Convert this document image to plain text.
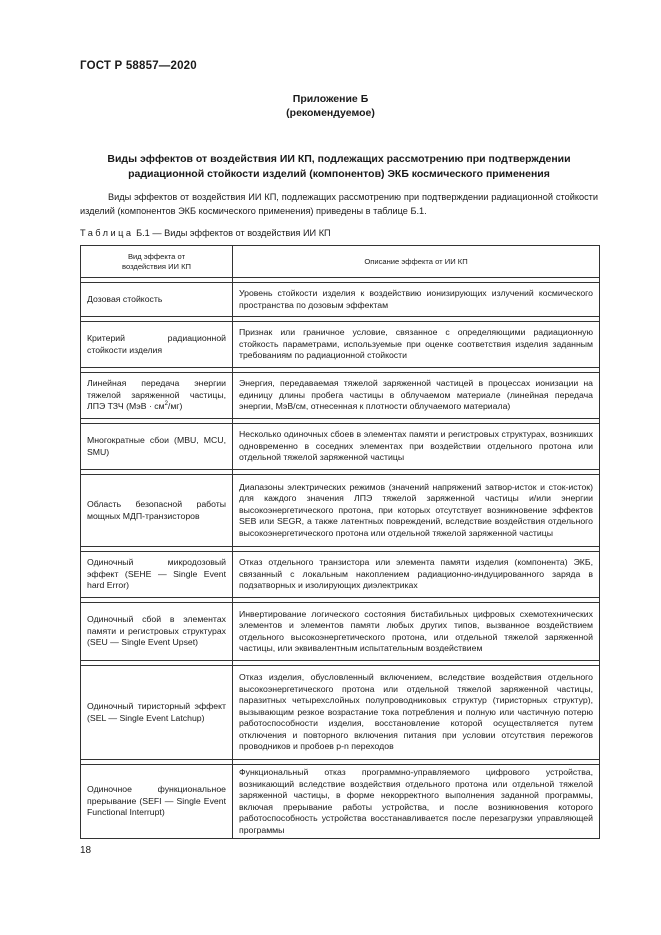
ГОСТ Р 58857—2020
Приложение Б
(рекомендуемое)
Виды эффектов от воздействия ИИ КП, подлежащих рассмотрению при подтверждении
радиационной стойкости изделий (компонентов) ЭКБ космического применения

Виды эффектов от воздействия ИИ КП, подлежащих рассмотрению при подтверждении радиационной стойкости изделий (компонентов ЭКБ космического применения) приведены в таблице Б.1.

Таблица Б.1 — Виды эффектов от воздействия ИИ КП
Вид эффекта от
воздействия ИИ КП	Описание эффекта от ИИ КП

Дозовая стойкость	Уровень стойкости изделия к воздействию ионизирующих излучений космического пространства по дозовым эффектам

Критерий радиационной стойкости изделия	Признак или граничное условие, связанное с определяющими радиационную стойкость параметрами, используемые при оценке соответствия изделия заданным требованиям по радиационной стойкости

Линейная передача энергии тяжелой заряженной частицы, ЛПЭ ТЗЧ $(МэВ \cdot см^2/мг)$	Энергия, передаваемая тяжелой заряженной частицей в процессах ионизации на единицу длины пробега частицы в облучаемом материале (линейная передача энергии, МэВ/см, отнесенная к плотности облучаемого материала)

Многократные сбои (MBU, MCU, SMU)	Несколько одиночных сбоев в элементах памяти и регистровых структурах, возникших одновременно в соседних элементах при воздействии отдельного протона или отдельной тяжелой заряженной частицы

Область безопасной работы мощных МДП-транзисторов	Диапазоны электрических режимов (значений напряжений затвор-исток и сток-исток) для каждого значения ЛПЭ тяжелой заряженной частицы и/или энергии высокоэнергетического протона, при которых отсутствует возникновение эффектов SEB или SEGR, а также латентных повреждений, вследствие воздействия отдельного высокоэнергетического протона или отдельной тяжелой заряженной частицы

Одиночный микродозовый эффект (SEHE — Single Event hard Error)	Отказ отдельного транзистора или элемента памяти изделия (компонента) ЭКБ, связанный с локальным накоплением радиационно-индуцированного заряда в подзатворных и изолирующих диэлектриках

Одиночный сбой в элементах памяти и регистровых структурах (SEU — Single Event Upset)	Инвертирование логического состояния бистабильных цифровых схемотехнических элементов и элементов памяти любых других типов, вызванное воздействием отдельного высокоэнергетического протона, или отдельной тяжелой заряженной частицы, или эквивалентным испытательным воздействием

Одиночный тиристорный эффект (SEL — Single Event Latchup)	Отказ изделия, обусловленный включением, вследствие воздействия отдельного высокоэнергетического протона или отдельной тяжелой заряженной частицы, паразитных четырехслойных полупроводниковых структур (тиристорных структур), вызывающим резкое возрастание тока потребления и полную или частичную потерю работоспособности изделия, восстановление которой осуществляется путем отключения и повторного включения питания при условии отсутствия пережогов проводников и пробоев p-n переходов

Одиночное функциональное прерывание (SEFI — Single Event Functional Interrupt)	Функциональный отказ программно-управляемого цифрового устройства, возникающий вследствие воздействия отдельного протона или отдельной тяжелой заряженной частицы, в форме некорректного выполнения заданной программы, включая прерывание работы устройства, и после возникновения которого работоспособность устройства восстанавливается после перезагрузки управляющей программы
18
